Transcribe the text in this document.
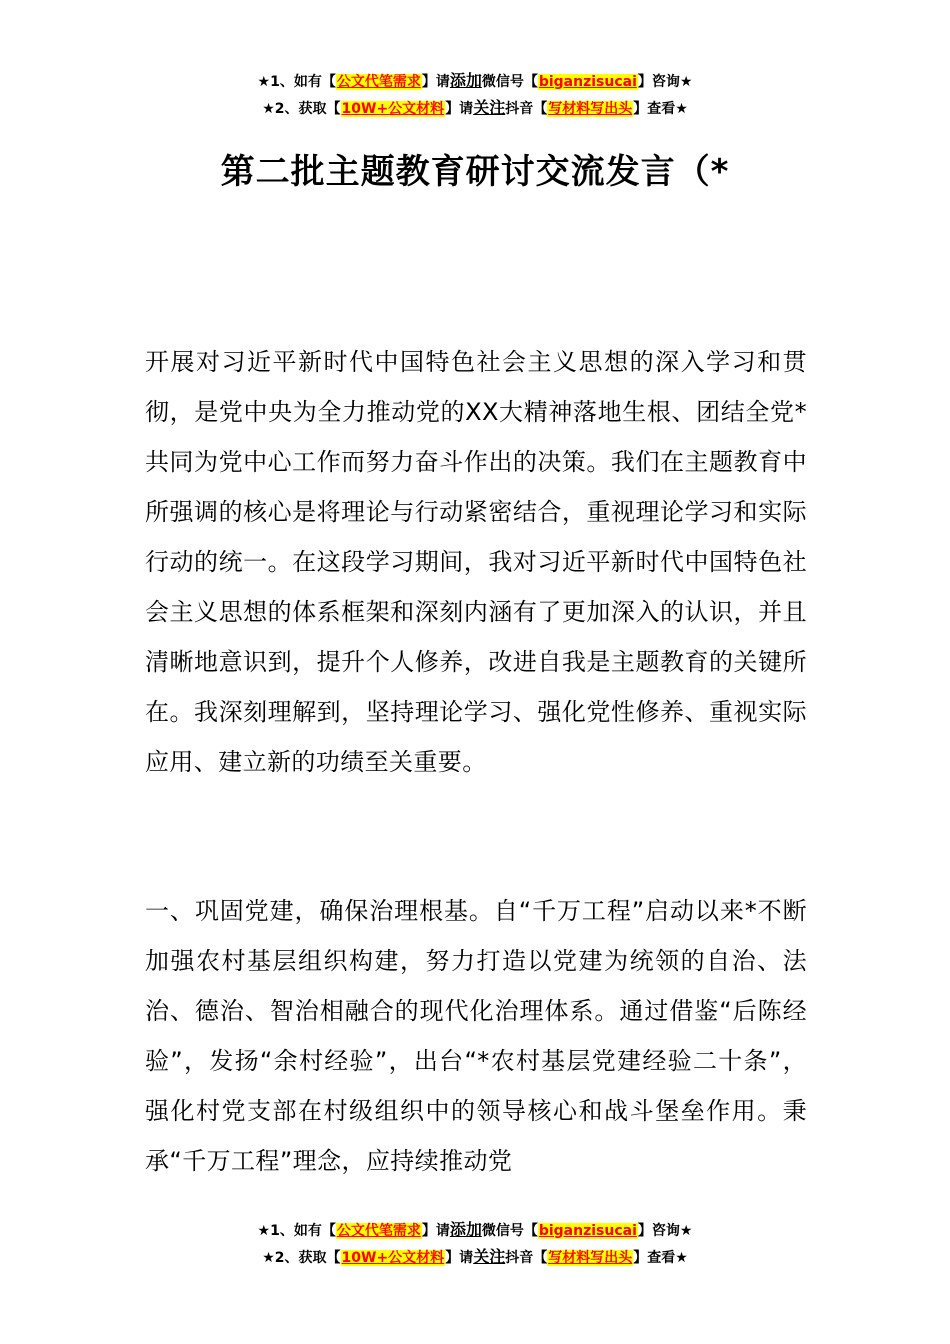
★1、如有【公文代笔需求】请添加微信号【biganzisucai】咨询★
★2、获取【10W+公文材料】请关注抖音【写材料写出头】查看★
第二批主题教育研讨交流发言（*
开展对习近平新时代中国特色社会主义思想的深入学习和贯彻，是党中央为全力推动党的XX大精神落地生根、团结全党*共同为党中心工作而努力奋斗作出的决策。我们在主题教育中所强调的核心是将理论与行动紧密结合，重视理论学习和实际行动的统一。在这段学习期间，我对习近平新时代中国特色社会主义思想的体系框架和深刻内涵有了更加深入的认识，并且清晰地意识到，提升个人修养，改进自我是主题教育的关键所在。我深刻理解到，坚持理论学习、强化党性修养、重视实际应用、建立新的功绩至关重要。
一、巩固党建，确保治理根基。自“千万工程”启动以来*不断加强农村基层组织构建，努力打造以党建为统领的自治、法治、德治、智治相融合的现代化治理体系。通过借鉴“后陈经验”，发扬“余村经验”，出台“*农村基层党建经验二十条”，强化村党支部在村级组织中的领导核心和战斗堡垒作用。秉承“千万工程”理念，应持续推动党
★1、如有【公文代笔需求】请添加微信号【biganzisucai】咨询★
★2、获取【10W+公文材料】请关注抖音【写材料写出头】查看★
